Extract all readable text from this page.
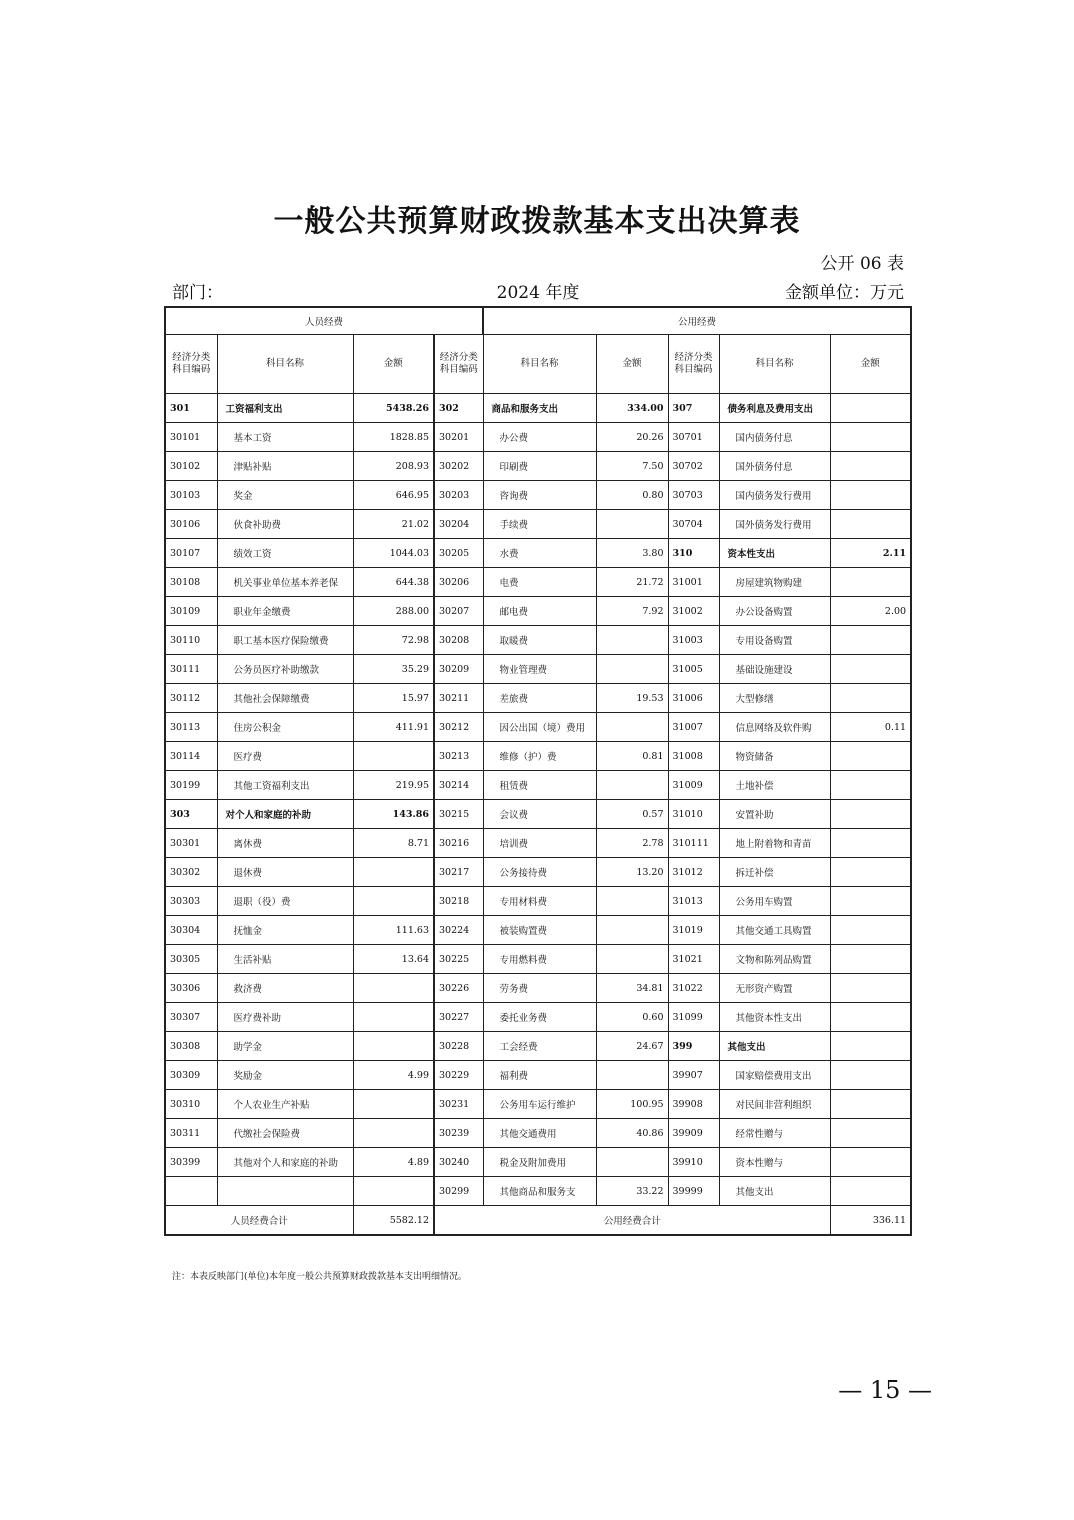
一般公共预算财政拨款基本支出决算表
公开 06 表
部门：	2024 年度	金额单位：万元
人员经费				公用经费				
经济分类科目编码	科目名称	金额	经济分类科目编码	科目名称	金额	经济分类科目编码	科目名称	金额
301	工资福利支出	5438.26	302	商品和服务支出	334.00	307	债务利息及费用支出	
30101	基本工资	1828.85	30201	办公费	20.26	30701	国内债务付息	
30102	津贴补贴	208.93	30202	印刷费	7.50	30702	国外债务付息	
30103	奖金	646.95	30203	咨询费	0.80	30703	国内债务发行费用	
30106	伙食补助费	21.02	30204	手续费		30704	国外债务发行费用	
30107	绩效工资	1044.03	30205	水费	3.80	310	资本性支出	2.11
30108	机关事业单位基本养老保	644.38	30206	电费	21.72	31001	房屋建筑物购建	
30109	职业年金缴费	288.00	30207	邮电费	7.92	31002	办公设备购置	2.00
30110	职工基本医疗保险缴费	72.98	30208	取暖费		31003	专用设备购置	
30111	公务员医疗补助缴款	35.29	30209	物业管理费		31005	基础设施建设	
30112	其他社会保障缴费	15.97	30211	差旅费	19.53	31006	大型修缮	
30113	住房公积金	411.91	30212	因公出国（境）费用		31007	信息网络及软件购	0.11
30114	医疗费		30213	维修（护）费	0.81	31008	物资储备	
30199	其他工资福利支出	219.95	30214	租赁费		31009	土地补偿	
303	对个人和家庭的补助	143.86	30215	会议费	0.57	31010	安置补助	
30301	离休费	8.71	30216	培训费	2.78	310111	地上附着物和青苗	
30302	退休费		30217	公务接待费	13.20	31012	拆迁补偿	
30303	退职（役）费		30218	专用材料费		31013	公务用车购置	
30304	抚恤金	111.63	30224	被装购置费		31019	其他交通工具购置	
30305	生活补贴	13.64	30225	专用燃料费		31021	文物和陈列品购置	
30306	救济费		30226	劳务费	34.81	31022	无形资产购置	
30307	医疗费补助		30227	委托业务费	0.60	31099	其他资本性支出	
30308	助学金		30228	工会经费	24.67	399	其他支出	
30309	奖励金	4.99	30229	福利费		39907	国家赔偿费用支出	
30310	个人农业生产补贴		30231	公务用车运行维护	100.95	39908	对民间非营利组织	
30311	代缴社会保险费		30239	其他交通费用	40.86	39909	经常性赠与	
30399	其他对个人和家庭的补助	4.89	30240	税金及附加费用		39910	资本性赠与	
			30299	其他商品和服务支	33.22	39999	其他支出	
人员经费合计		5582.12	公用经费合计					336.11
注：本表反映部门(单位)本年度一般公共预算财政拨款基本支出明细情况。
— 15 —
